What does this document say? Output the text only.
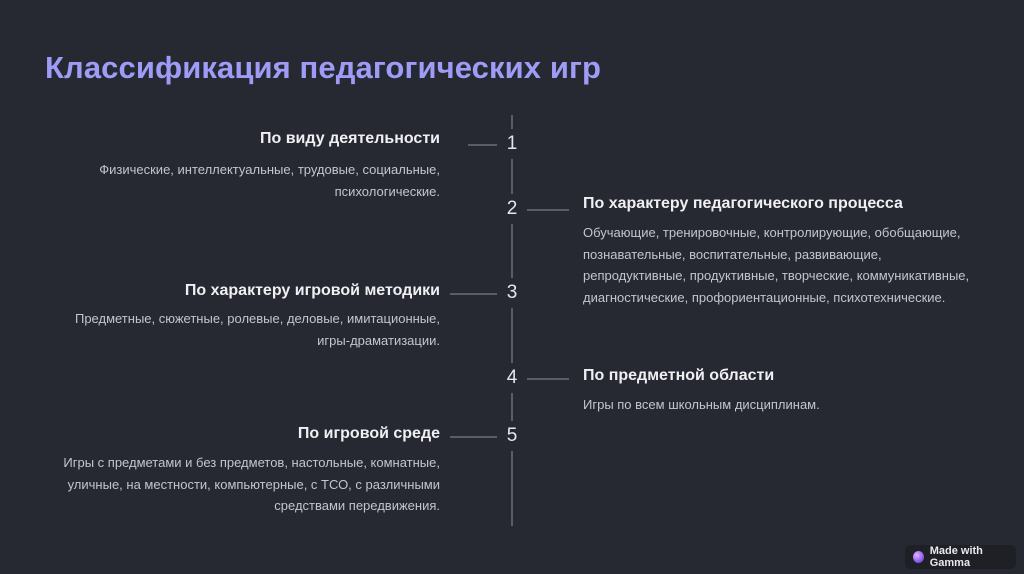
Классификация педагогических игр
1
По виду деятельности
Физические, интеллектуальные, трудовые, социальные, психологические.
2	По характеру педагогического процесса
Обучающие, тренировочные, контролирующие, обобщающие, познавательные, воспитательные, развивающие, репродуктивные, продуктивные, творческие, коммуникативные, диагностические, профориентационные, психотехнические.
3
По характеру игровой методики
Предметные, сюжетные, ролевые, деловые, имитационные, игры-драматизации.
4	По предметной области
Игры по всем школьным дисциплинам.
5
По игровой среде
Игры с предметами и без предметов, настольные, комнатные, уличные, на местности, компьютерные, с ТСО, с различными средствами передвижения.
Made with Gamma
